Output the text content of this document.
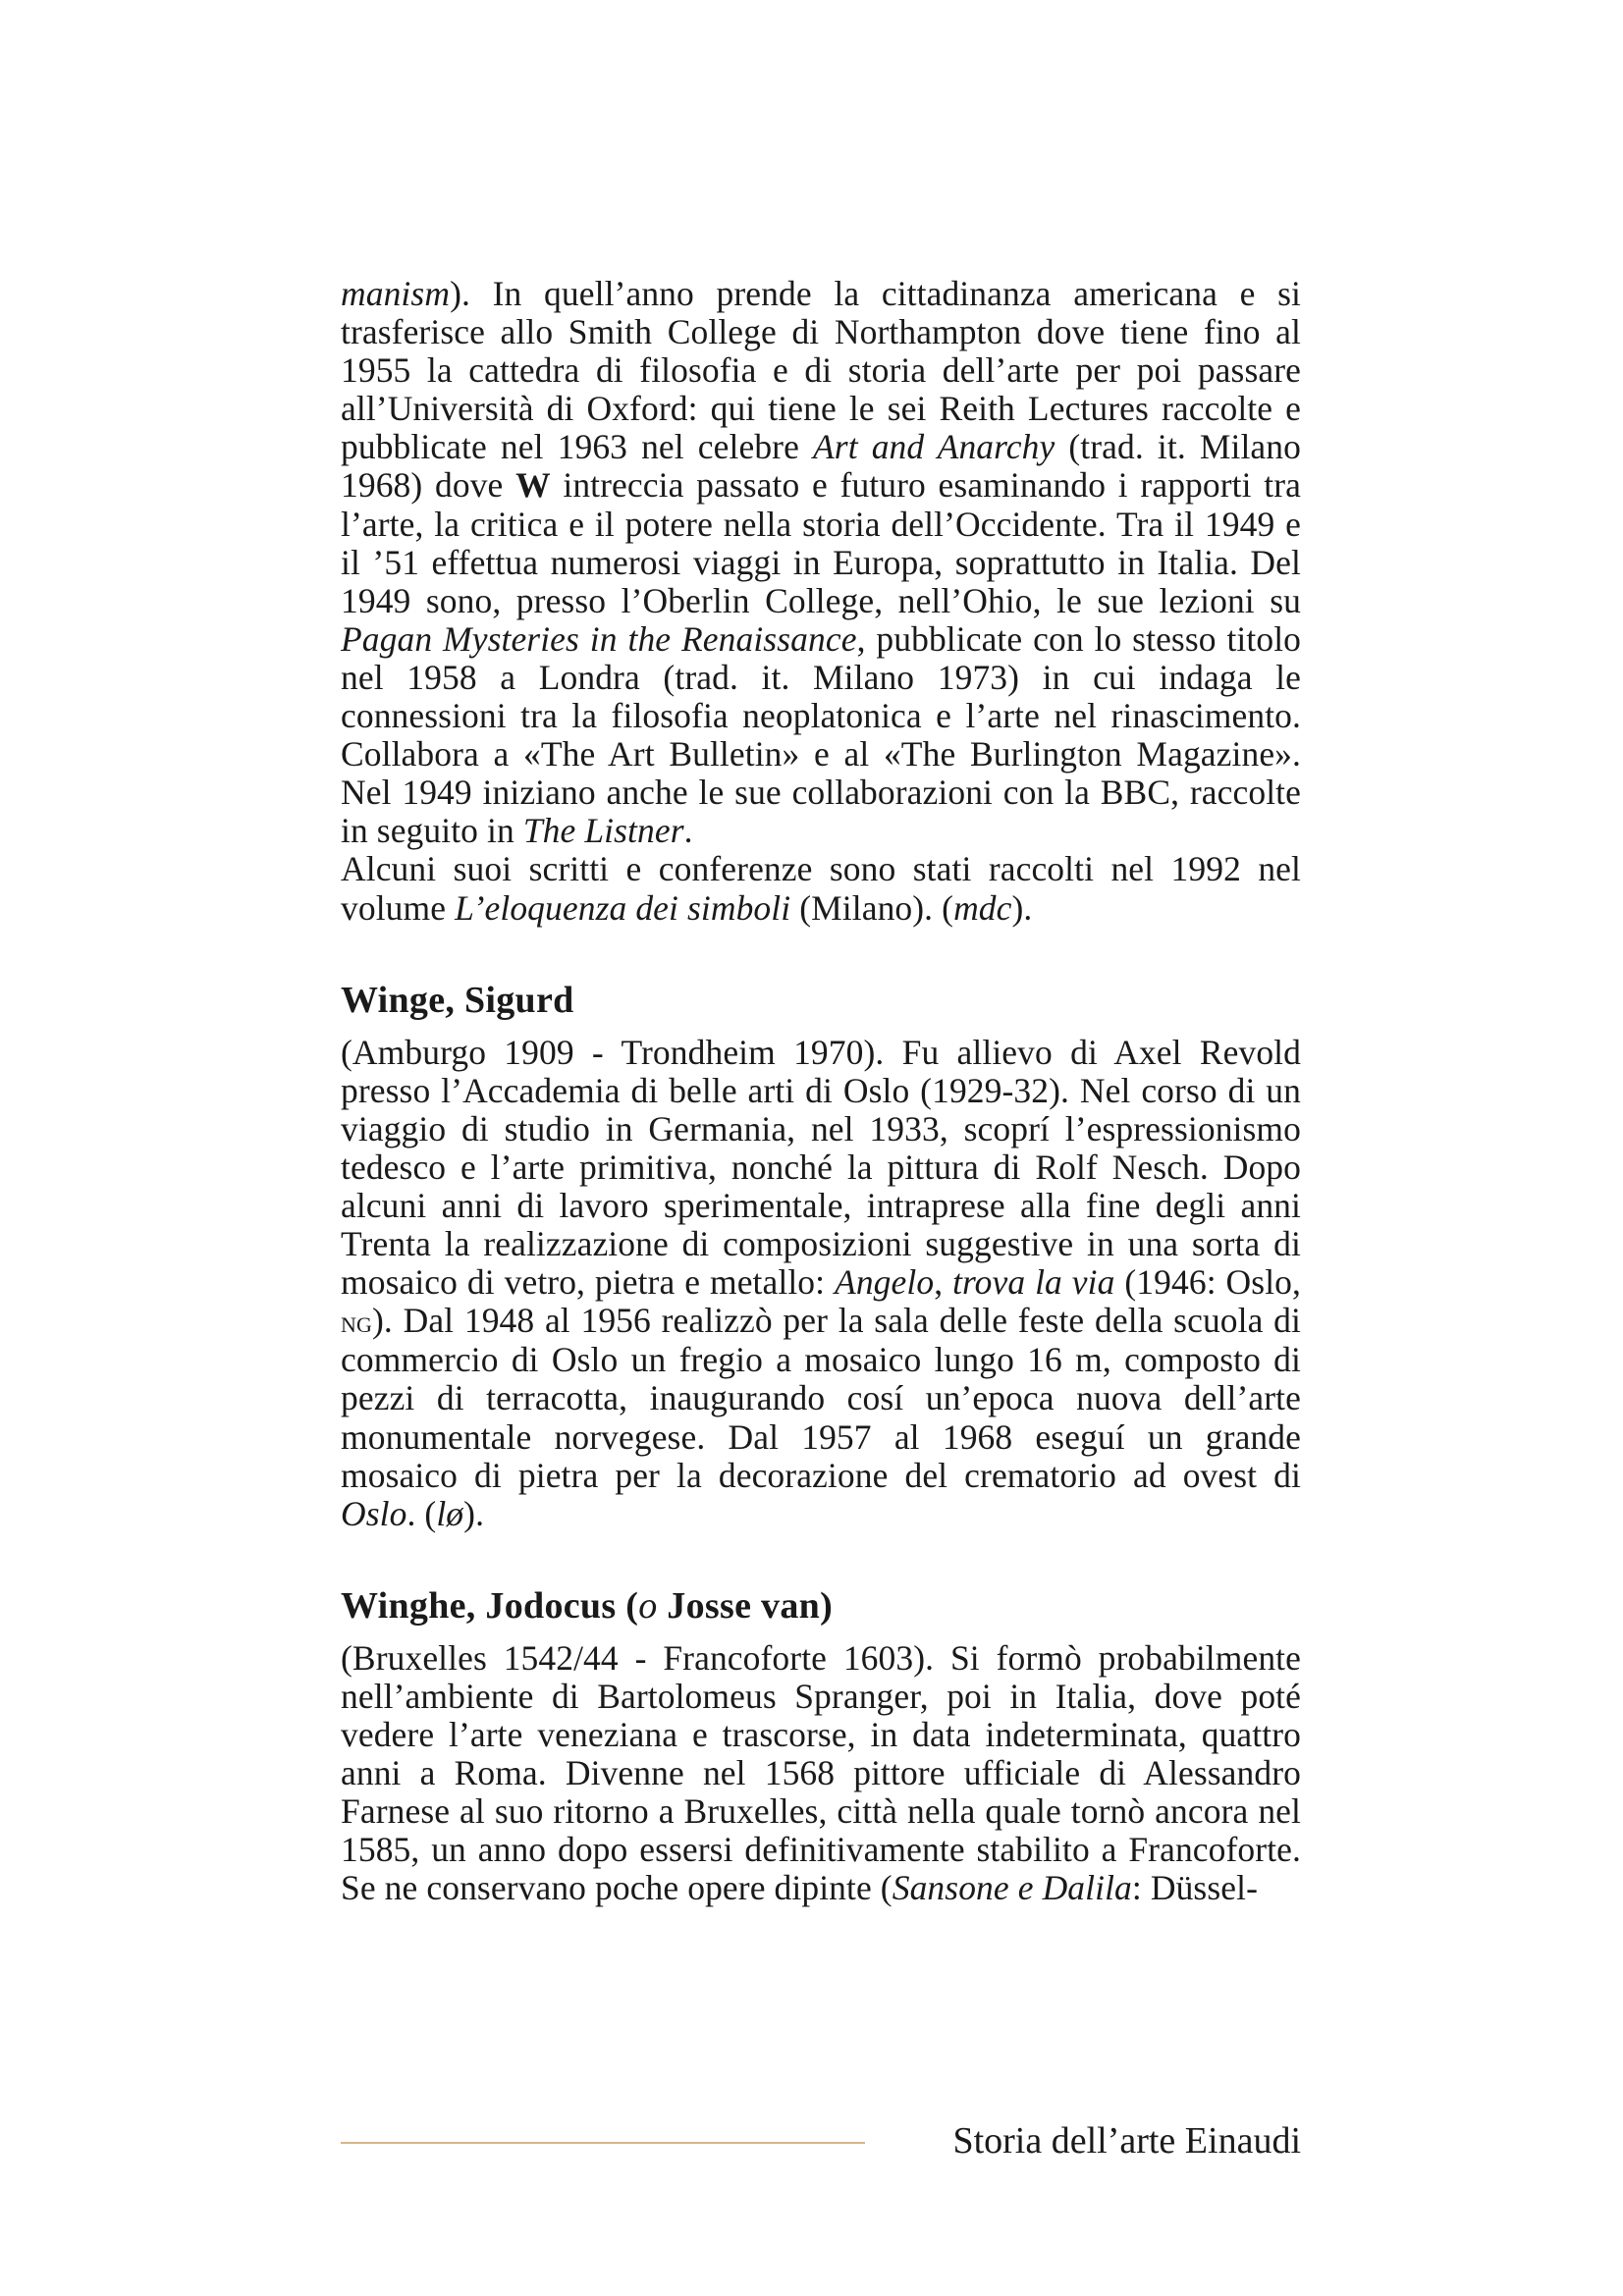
manism). In quell’anno prende la cittadinanza americana e si trasferisce allo Smith College di Northampton dove tiene fino al 1955 la cattedra di filosofia e di storia dell’arte per poi passare all’Università di Oxford: qui tiene le sei Reith Lectures raccolte e pubblicate nel 1963 nel celebre Art and Anarchy (trad. it. Milano 1968) dove W intreccia passato e futuro esaminando i rapporti tra l’arte, la critica e il potere nella storia dell’Occidente. Tra il 1949 e il ’51 effettua numerosi viaggi in Europa, soprattutto in Italia. Del 1949 sono, presso l’Oberlin College, nell’Ohio, le sue lezioni su Pagan Mysteries in the Renaissance, pubblicate con lo stesso titolo nel 1958 a Londra (trad. it. Milano 1973) in cui indaga le connessioni tra la filosofia neoplatonica e l’arte nel rinascimento. Collabora a «The Art Bulletin» e al «The Burlington Magazine». Nel 1949 iniziano anche le sue collaborazioni con la BBC, raccolte in seguito in The Listner.
Alcuni suoi scritti e conferenze sono stati raccolti nel 1992 nel volume L’eloquenza dei simboli (Milano). (mdc).

Winge, Sigurd

(Amburgo 1909 - Trondheim 1970). Fu allievo di Axel Revold presso l’Accademia di belle arti di Oslo (1929-32). Nel corso di un viaggio di studio in Germania, nel 1933, scoprí l’espressionismo tedesco e l’arte primitiva, nonché la pittura di Rolf Nesch. Dopo alcuni anni di lavoro sperimentale, intraprese alla fine degli anni Trenta la realizzazione di composizioni suggestive in una sorta di mosaico di vetro, pietra e metallo: Angelo, trova la via (1946: Oslo, ng). Dal 1948 al 1956 realizzò per la sala delle feste della scuola di commercio di Oslo un fregio a mosaico lungo 16 m, composto di pezzi di terracotta, inaugurando cosí un’epoca nuova dell’arte monumentale norvegese. Dal 1957 al 1968 eseguí un grande mosaico di pietra per la decorazione del crematorio ad ovest di Oslo. (lø).

Winghe, Jodocus (o Josse van)

(Bruxelles 1542/44 - Francoforte 1603). Si formò probabilmente nell’ambiente di Bartolomeus Spranger, poi in Italia, dove poté vedere l’arte veneziana e trascorse, in data indeterminata, quattro anni a Roma. Divenne nel 1568 pittore ufficiale di Alessandro Farnese al suo ritorno a Bruxelles, città nella quale tornò ancora nel 1585, un anno dopo essersi definitivamente stabilito a Francoforte. Se ne conservano poche opere dipinte (Sansone e Dalila: Düssel-

Storia dell’arte Einaudi
